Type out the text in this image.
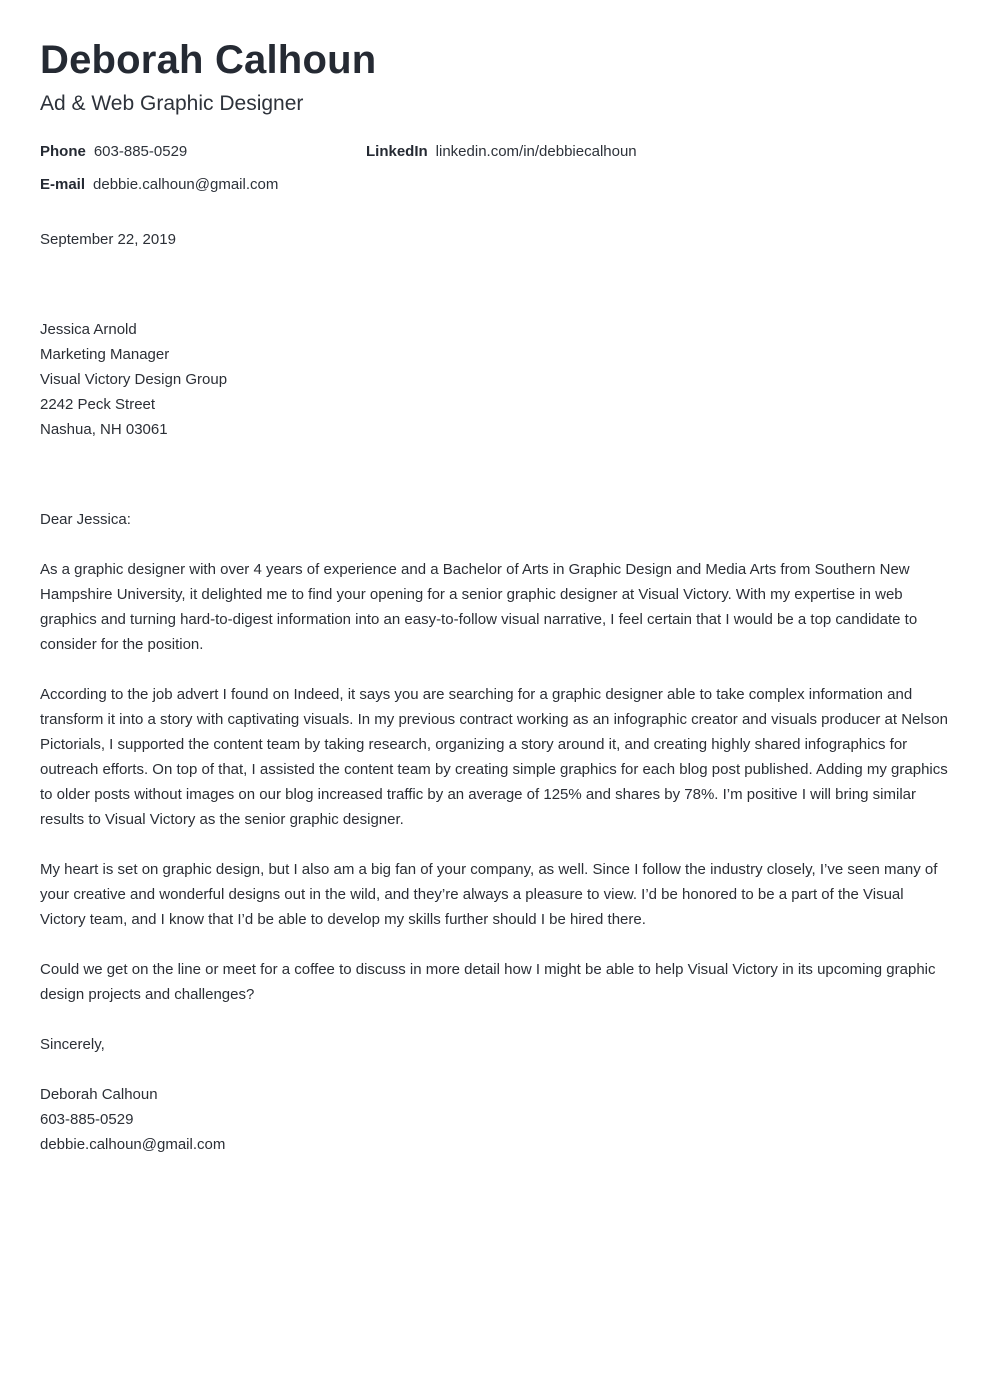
Deborah Calhoun
Ad & Web Graphic Designer
Phone 603-885-0529	LinkedIn linkedin.com/in/debbiecalhoun
E-mail debbie.calhoun@gmail.com
September 22, 2019
Jessica Arnold
Marketing Manager
Visual Victory Design Group
2242 Peck Street
Nashua, NH 03061

Dear Jessica:

As a graphic designer with over 4 years of experience and a Bachelor of Arts in Graphic Design and Media Arts from Southern New Hampshire University, it delighted me to find your opening for a senior graphic designer at Visual Victory. With my expertise in web graphics and turning hard-to-digest information into an easy-to-follow visual narrative, I feel certain that I would be a top candidate to consider for the position.

According to the job advert I found on Indeed, it says you are searching for a graphic designer able to take complex information and transform it into a story with captivating visuals. In my previous contract working as an infographic creator and visuals producer at Nelson Pictorials, I supported the content team by taking research, organizing a story around it, and creating highly shared infographics for outreach efforts. On top of that, I assisted the content team by creating simple graphics for each blog post published. Adding my graphics to older posts without images on our blog increased traffic by an average of 125% and shares by 78%. I’m positive I will bring similar results to Visual Victory as the senior graphic designer.

My heart is set on graphic design, but I also am a big fan of your company, as well. Since I follow the industry closely, I’ve seen many of your creative and wonderful designs out in the wild, and they’re always a pleasure to view. I’d be honored to be a part of the Visual Victory team, and I know that I’d be able to develop my skills further should I be hired there.

Could we get on the line or meet for a coffee to discuss in more detail how I might be able to help Visual Victory in its upcoming graphic design projects and challenges?

Sincerely,

Deborah Calhoun
603-885-0529
debbie.calhoun@gmail.com
